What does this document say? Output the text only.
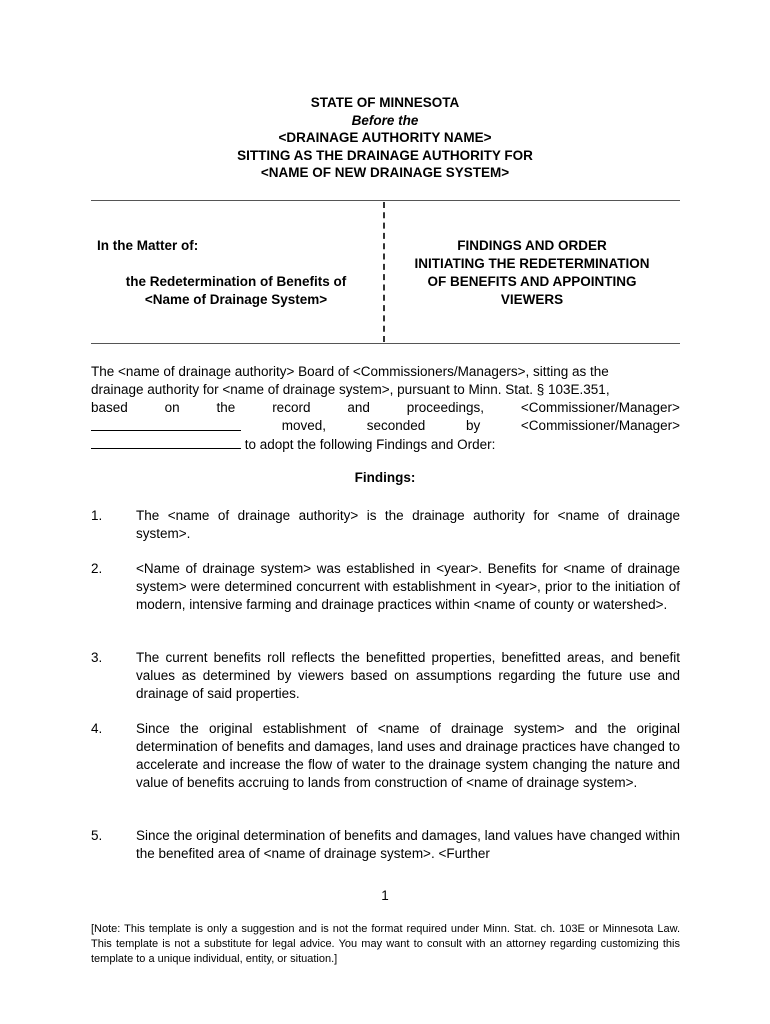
STATE OF MINNESOTA
Before the
<DRAINAGE AUTHORITY NAME>
SITTING AS THE DRAINAGE AUTHORITY FOR
<NAME OF NEW DRAINAGE SYSTEM>
In the Matter of:
the Redetermination of Benefits of
<Name of Drainage System>
FINDINGS AND ORDER
INITIATING THE REDETERMINATION
OF BENEFITS AND APPOINTING
VIEWERS
The <name of drainage authority> Board of <Commissioners/Managers>, sitting as the
drainage authority for <name of drainage system>, pursuant to Minn. Stat. § 103E.351,
based	on	the	record	and	proceedings,	<Commissioner/Manager>
moved,	seconded	by	<Commissioner/Manager>
to adopt the following Findings and Order:
Findings:
1. The <name of drainage authority> is the drainage authority for <name of drainage system>.
2. <Name of drainage system> was established in <year>. Benefits for <name of drainage system> were determined concurrent with establishment in <year>, prior to the initiation of modern, intensive farming and drainage practices within <name of county or watershed>.
3. The current benefits roll reflects the benefitted properties, benefitted areas, and benefit values as determined by viewers based on assumptions regarding the future use and drainage of said properties.
4. Since the original establishment of <name of drainage system> and the original determination of benefits and damages, land uses and drainage practices have changed to accelerate and increase the flow of water to the drainage system changing the nature and value of benefits accruing to lands from construction of <name of drainage system>.
5. Since the original determination of benefits and damages, land values have changed within the benefited area of <name of drainage system>. <Further
1
[Note: This template is only a suggestion and is not the format required under Minn. Stat. ch. 103E or Minnesota Law. This template is not a substitute for legal advice. You may want to consult with an attorney regarding customizing this template to a unique individual, entity, or situation.]
